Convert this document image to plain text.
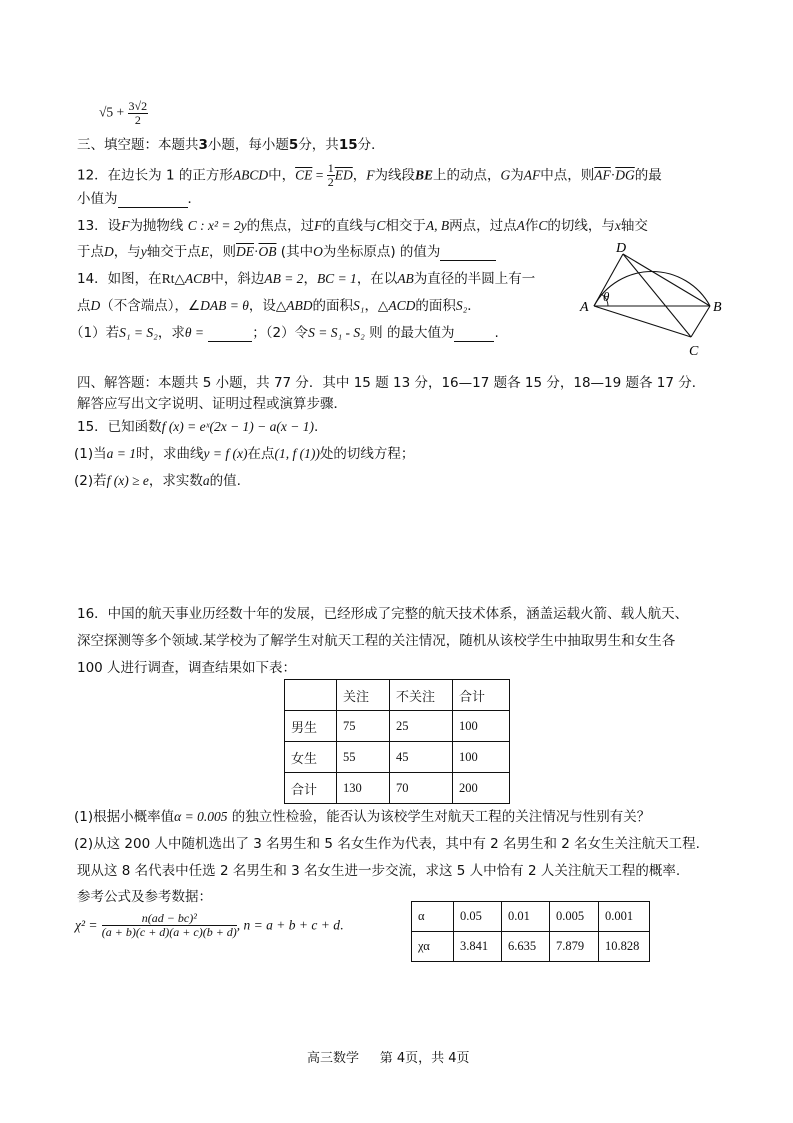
$√5 + \frac{3√2}{2}$
三、填空题：本题共3小题，每小题5分，共15分．
12．在边长为 1 的正方形ABCD中，$\overline{CE} = \frac{1}{2} \overline{ED}$，F为线段BE上的动点，G为AF中点，则$\overline{AF}\cdot\overline{DG}$的最
小值为	．
13．设F为抛物线 C : x² = 2y的焦点，过F的直线与C相交于A, B两点，过点A作C的切线，与x轴交
于点D，与y轴交于点E，则$\overline{DE}\cdot\overline{OB}$ (其中O为坐标原点) 的值为
14．如图，在Rt△ACB中，斜边AB = 2，BC = 1，在以AB为直径的半圆上有一
点D（不含端点），∠DAB = θ，设△ABD的面积S₁，△ACD的面积S₂．
（1）若S₁ = S₂，求θ =	；（2）令S = S₁ - S₂ 则 的最大值为	.
D
A	B
C
θ
四、解答题：本题共 5 小题，共 77 分．其中 15 题 13 分，16—17 题各 15 分，18—19 题各 17 分．
解答应写出文字说明、证明过程或演算步骤．
15．已知函数f (x) = eˣ(2x − 1) − a(x − 1).
(1)当a = 1时，求曲线y = f (x)在点(1, f (1))处的切线方程；
(2)若f (x) ≥ e，求实数a的值.
16．中国的航天事业历经数十年的发展，已经形成了完整的航天技术体系，涵盖运载火箭、载人航天、
深空探测等多个领域.某学校为了解学生对航天工程的关注情况，随机从该校学生中抽取男生和女生各
100 人进行调查，调查结果如下表：
	关注	不关注	合计
男生	75	25	100
女生	55	45	100
合计	130	70	200
(1)根据小概率值α = 0.005 的独立性检验，能否认为该校学生对航天工程的关注情况与性别有关？
(2)从这 200 人中随机选出了 3 名男生和 5 名女生作为代表，其中有 2 名男生和 2 名女生关注航天工程.
现从这 8 名代表中任选 2 名男生和 3 名女生进一步交流，求这 5 人中恰有 2 人关注航天工程的概率.
参考公式及参考数据：
$\chi^2 = \frac{\text{n(ad − bc)²}}{(a + b)(c + d)(a + c)(b + d)}$ , n = a + b + c + d.
α	0.05	0.01	0.005	0.001
χα	3.841	6.635	7.879	10.828
高三数学 第 4页，共 4页
